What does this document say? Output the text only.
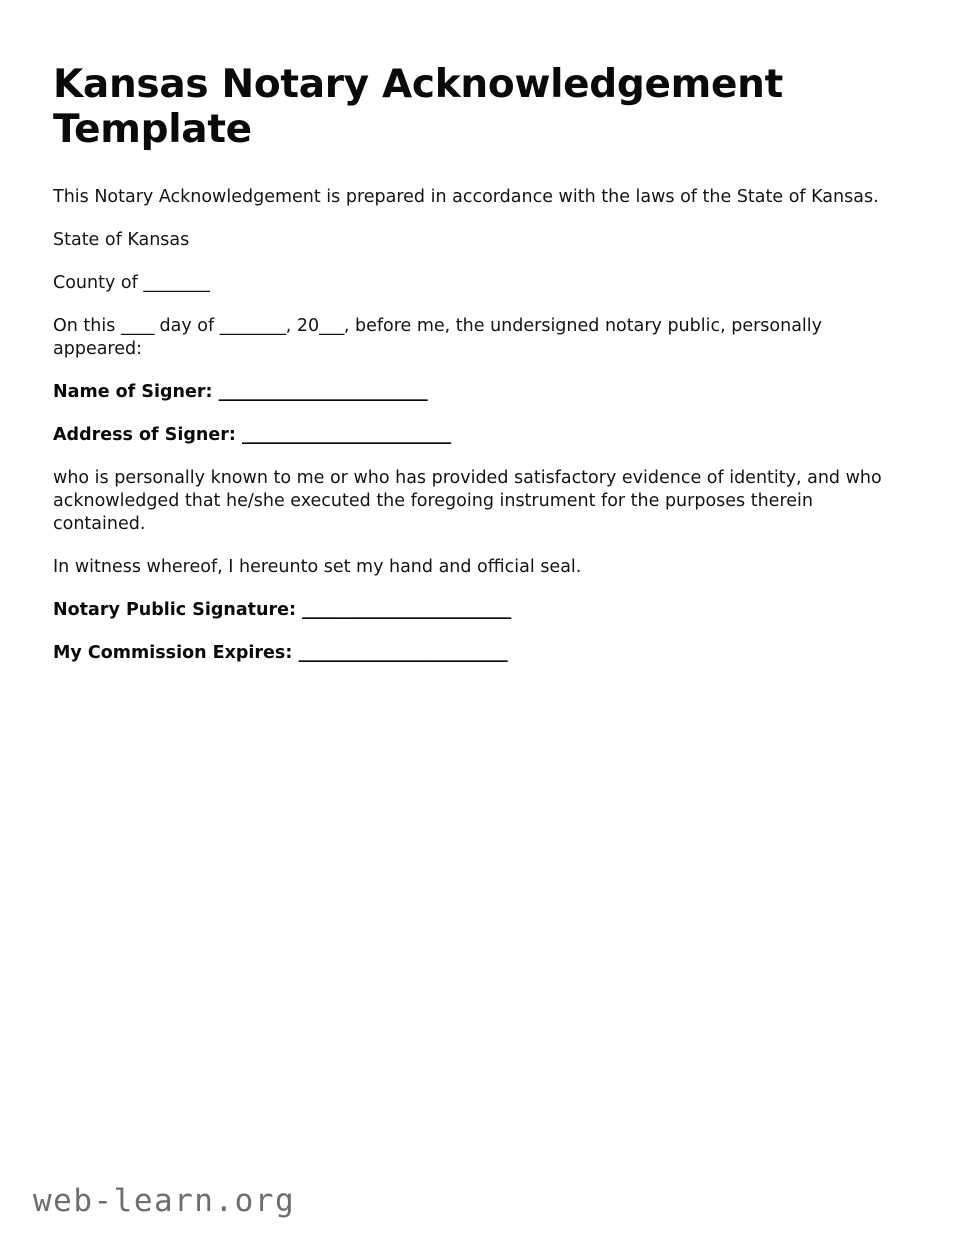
Kansas Notary Acknowledgement Template

This Notary Acknowledgement is prepared in accordance with the laws of the State of Kansas.

State of Kansas

County of ________

On this ____ day of ________, 20___, before me, the undersigned notary public, personally appeared:

Name of Signer: _________________________

Address of Signer: _________________________

who is personally known to me or who has provided satisfactory evidence of identity, and who acknowledged that he/she executed the foregoing instrument for the purposes therein contained.

In witness whereof, I hereunto set my hand and official seal.

Notary Public Signature: _________________________

My Commission Expires: _________________________

web-learn.org
